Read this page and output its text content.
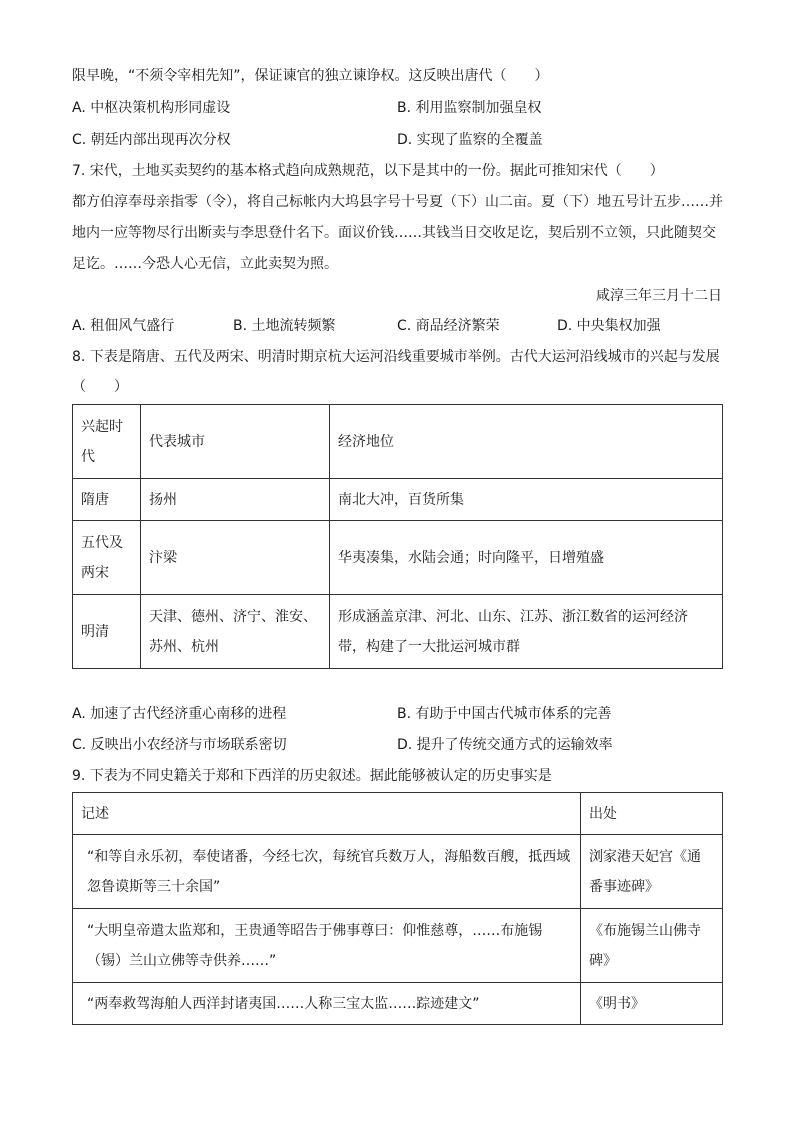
限早晚，“不须令宰相先知”，保证谏官的独立谏诤权。这反映出唐代（　　）
A. 中枢决策机构形同虚设	B. 利用监察制加强皇权
C. 朝廷内部出现再次分权	D. 实现了监察的全覆盖
7. 宋代，土地买卖契约的基本格式趋向成熟规范，以下是其中的一份。据此可推知宋代（　　）
都方伯淳奉母亲指零（令），将自己标帐内大坞县字号十号夏（下）山二亩。夏（下）地五号计五步……并
地内一应等物尽行出断卖与李思登什名下。面议价钱……其钱当日交收足讫，契后别不立领，只此随契交
足讫。……今恐人心无信，立此卖契为照。
咸淳三年三月十二日
A. 租佃风气盛行	B. 土地流转频繁	C. 商品经济繁荣	D. 中央集权加强
8. 下表是隋唐、五代及两宋、明清时期京杭大运河沿线重要城市举例。古代大运河沿线城市的兴起与发展
（　　）
兴起时代	代表城市	经济地位
隋唐	扬州	南北大冲，百货所集
五代及两宋	汴梁	华夷凑集，水陆会通；时向隆平，日增殖盛
明清	天津、德州、济宁、淮安、苏州、杭州	形成涵盖京津、河北、山东、江苏、浙江数省的运河经济带，构建了一大批运河城市群
A. 加速了古代经济重心南移的进程	B. 有助于中国古代城市体系的完善
C. 反映出小农经济与市场联系密切	D. 提升了传统交通方式的运输效率
9. 下表为不同史籍关于郑和下西洋的历史叙述。据此能够被认定的历史事实是
记述	出处
“和等自永乐初，奉使诸番，今经七次，每统官兵数万人，海船数百艘，抵西域忽鲁谟斯等三十余国”	浏家港天妃宫《通番事迹碑》
“大明皇帝遣太监郑和，王贵通等昭告于佛事尊曰：仰惟慈尊，……布施锡（锡）兰山立佛等寺供养……”	《布施锡兰山佛寺碑》
“两奉救驾海舶人西洋封诸夷国……人称三宝太监……踪迹建文”	《明书》
